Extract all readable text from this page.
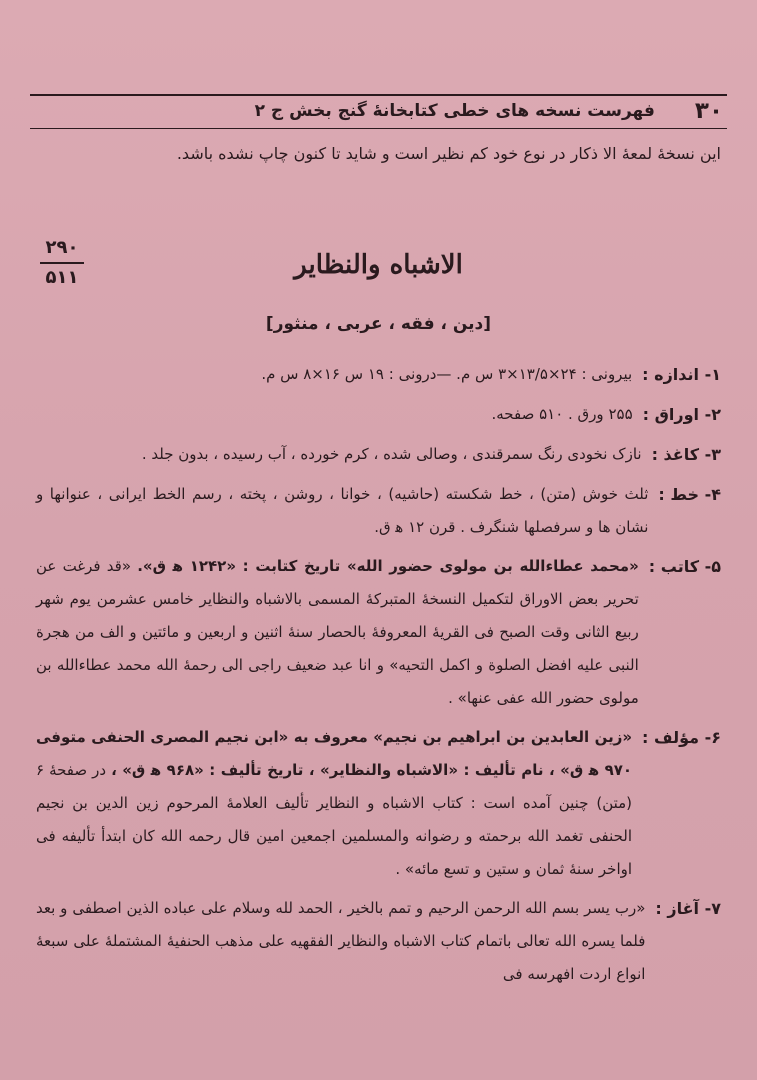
۳۰
فهرست نسخه های خطی کتابخانهٔ گنج بخش ج ۲
این نسخهٔ لمعهٔ الا ذکار در نوع خود کم نظیر است و شاید تا کنون چاپ نشده باشد.
۲۹۰
۵۱۱	الاشباه والنظایر
[دین ، فقه ، عربی ، منثور]
۱- اندازه :
بیرونی : ۲۴×۱۳/۵×۳ س م. —درونی : ۱۹ س ۱۶×۸ س م.
۲- اوراق :
۲۵۵ ورق . ۵۱۰ صفحه.
۳- کاغذ :
نازک نخودی رنگ سمرقندی ، وصالی شده ، کرم خورده ، آب رسیده ، بدون جلد .
۴- خط :
ثلث خوش (متن) ، خط شکسته (حاشیه) ، خوانا ، روشن ، پخته ، رسم الخط ایرانی ، عنوانها و نشان ها و سرفصلها شنگرف . قرن ۱۲ ه‍ ق.
۵- کاتب :
«محمد عطاءالله بن مولوی حضور الله» تاریخ کتابت : «۱۲۴۲ ه‍ ق». «قد فرغت عن تحریر بعض الاوراق لتکمیل النسخهٔ المتبرکهٔ المسمی بالاشباه والنظایر خامس عشرمن یوم شهر ربیع الثانی وقت الصبح فی القریهٔ المعروفهٔ بالحصار سنهٔ اثنین و اربعین و مائتین و الف من هجرة النبی علیه افضل الصلوة و اکمل التحیه» و انا عبد ضعیف راجی الی رحمهٔ الله محمد عطاءالله بن مولوی حضور الله عفی عنها» .
۶- مؤلف :
«زین العابدین بن ابراهیم بن نجیم» معروف به «ابن نجیم المصری الحنفی متوفی ۹۷۰ ه‍ ق» ، نام تألیف : «الاشباه والنظایر» ، تاریخ تألیف : «۹۶۸ ه‍ ق» ، در صفحهٔ ۶ (متن) چنین آمده است : کتاب الاشباه و النظایر تألیف العلامهٔ المرحوم زین الدین بن نجیم الحنفی تغمد الله برحمته و رضوانه والمسلمین اجمعین امین قال رحمه الله کان ابتدأ تألیفه فی اواخر سنهٔ ثمان و ستین و تسع مائه» .
۷- آغاز :
«رب یسر بسم الله الرحمن الرحیم و تمم بالخیر ، الحمد لله وسلام علی عباده الذین اصطفی و بعد فلما یسره الله تعالی باتمام کتاب الاشباه والنظایر الفقهیه علی مذهب الحنفیهٔ المشتملهٔ علی سبعهٔ انواع اردت افهرسه فی
